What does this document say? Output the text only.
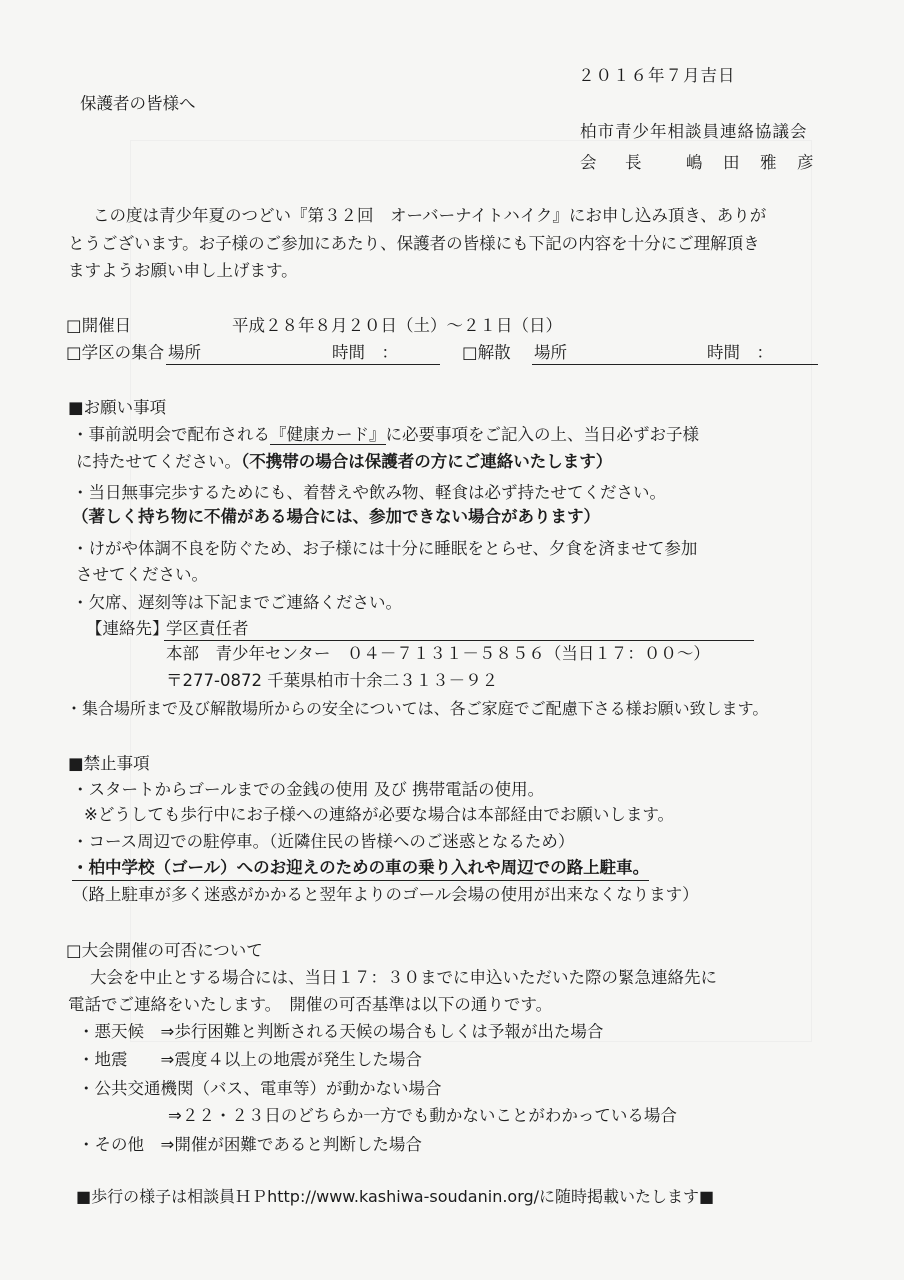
２０１６年７月吉日
保護者の皆様へ
柏市青少年相談員連絡協議会
会　長 嶋　田　雅　彦
この度は青少年夏のつどい『第３２回　オーバーナイトハイク』にお申し込み頂き、ありが
とうございます。お子様のご参加にあたり、保護者の皆様にも下記の内容を十分にご理解頂き
ますようお願い申し上げます。
□開催日	平成２８年８月２０日（土）～２１日（日）
□学区の集合 場所	時間　：	□解散 場所	時間　：
■お願い事項
・事前説明会で配布される『健康カード』に必要事項をご記入の上、当日必ずお子様
に持たせてください。（不携帯の場合は保護者の方にご連絡いたします）
・当日無事完歩するためにも、着替えや飲み物、軽食は必ず持たせてください。
（著しく持ち物に不備がある場合には、参加できない場合があります）
・けがや体調不良を防ぐため、お子様には十分に睡眠をとらせ、夕食を済ませて参加
させてください。
・欠席、遅刻等は下記までご連絡ください。
【連絡先】
学区責任者
本部　青少年センター　０４－７１３１－５８５６（当日１７：００～）
〒277-0872 千葉県柏市十余二３１３－９２
・集合場所まで及び解散場所からの安全については、各ご家庭でご配慮下さる様お願い致します。
■禁止事項
・スタートからゴールまでの金銭の使用 及び 携帯電話の使用。
※どうしても歩行中にお子様への連絡が必要な場合は本部経由でお願いします。
・コース周辺での駐停車。（近隣住民の皆様へのご迷惑となるため）
・柏中学校（ゴール）へのお迎えのための車の乗り入れや周辺での路上駐車。
（路上駐車が多く迷惑がかかると翌年よりのゴール会場の使用が出来なくなります）
□大会開催の可否について
大会を中止とする場合には、当日１７：３０までに申込いただいた際の緊急連絡先に
電話でご連絡をいたします。　開催の可否基準は以下の通りです。
・悪天候　⇒歩行困難と判断される天候の場合もしくは予報が出た場合
・地震　　⇒震度４以上の地震が発生した場合
・公共交通機関（バス、電車等）が動かない場合
⇒２２・２３日のどちらか一方でも動かないことがわかっている場合
・その他　⇒開催が困難であると判断した場合
■歩行の様子は相談員ＨＰhttp://www.kashiwa-soudanin.org/に随時掲載いたします■
